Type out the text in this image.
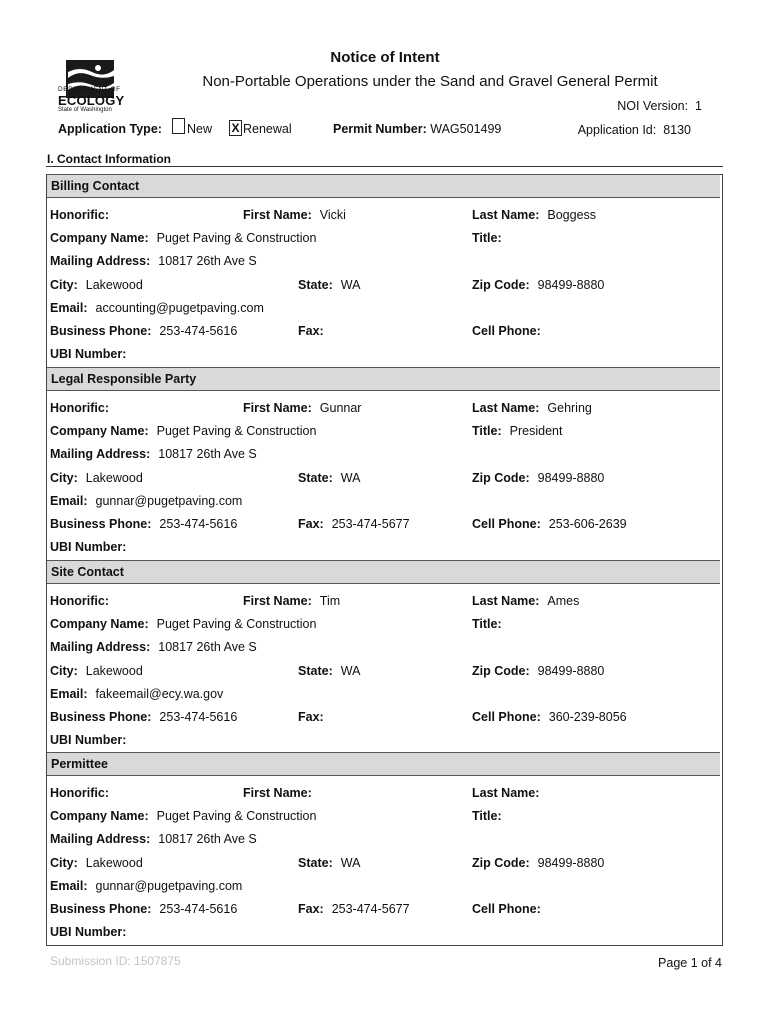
DEPARTMENT OF
ECOLOGY
State of Washington
Notice of Intent
Non-Portable Operations under the Sand and Gravel General Permit
NOI Version: 1
Application Id: 8130
Application Type: New X Renewal	Permit Number: WAG501499
I. Contact Information
Billing Contact
Honorific:	First Name: Vicki	Last Name: Boggess
Company Name: Puget Paving & Construction	Title:
Mailing Address: 10817 26th Ave S
City: Lakewood	State: WA	Zip Code: 98499-8880
Email: accounting@pugetpaving.com
Business Phone: 253-474-5616	Fax:	Cell Phone:
UBI Number:
Legal Responsible Party
Honorific:	First Name: Gunnar	Last Name: Gehring
Company Name: Puget Paving & Construction	Title: President
Mailing Address: 10817 26th Ave S
City: Lakewood	State: WA	Zip Code: 98499-8880
Email: gunnar@pugetpaving.com
Business Phone: 253-474-5616	Fax: 253-474-5677	Cell Phone: 253-606-2639
UBI Number:
Site Contact
Honorific:	First Name: Tim	Last Name: Ames
Company Name: Puget Paving & Construction	Title:
Mailing Address: 10817 26th Ave S
City: Lakewood	State: WA	Zip Code: 98499-8880
Email: fakeemail@ecy.wa.gov
Business Phone: 253-474-5616	Fax:	Cell Phone: 360-239-8056
UBI Number:
Permittee
Honorific:	First Name:	Last Name:
Company Name: Puget Paving & Construction	Title:
Mailing Address: 10817 26th Ave S
City: Lakewood	State: WA	Zip Code: 98499-8880
Email: gunnar@pugetpaving.com
Business Phone: 253-474-5616	Fax: 253-474-5677	Cell Phone:
UBI Number:
Submission ID: 1507875	Page 1 of 4
